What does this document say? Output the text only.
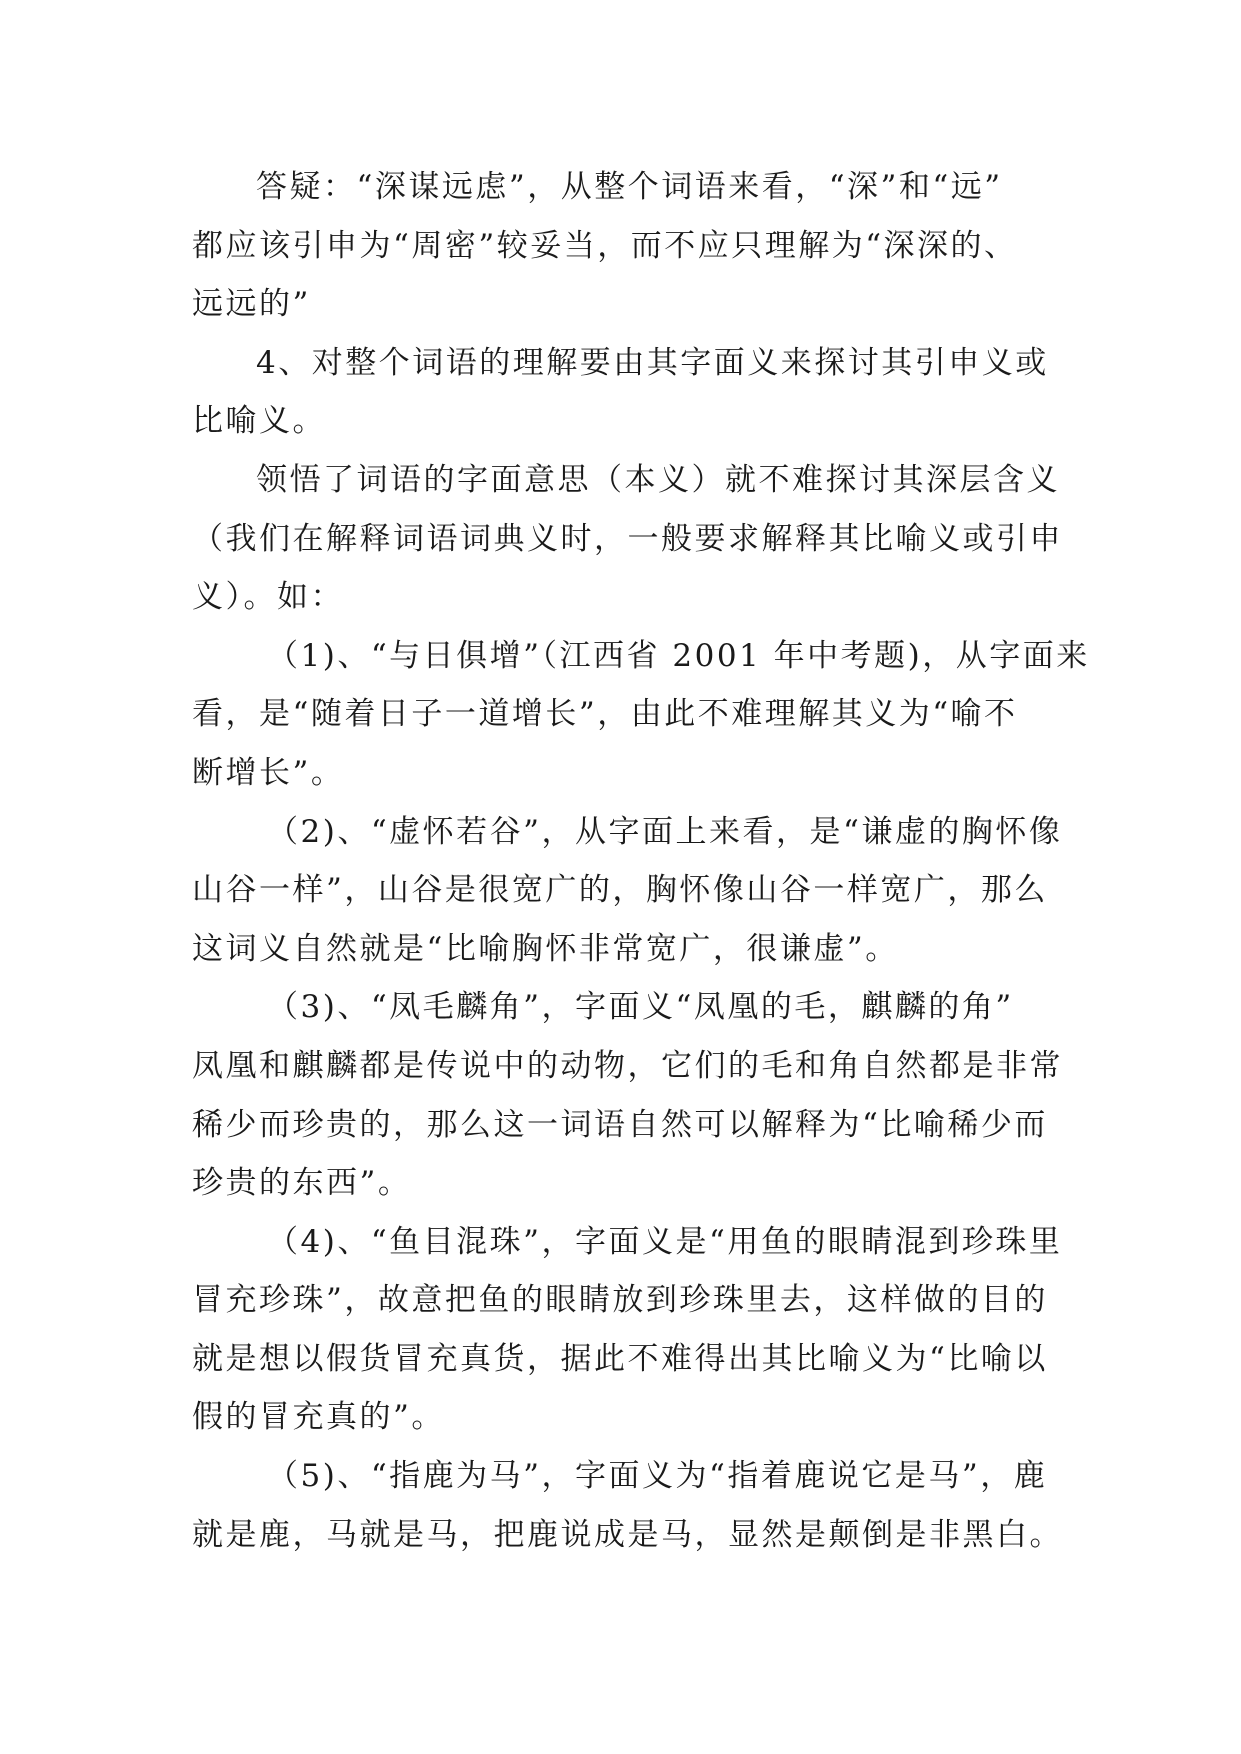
答疑：“深谋远虑”，从整个词语来看，“深”和“远”
都应该引申为“周密”较妥当，而不应只理解为“深深的、
远远的”
4、对整个词语的理解要由其字面义来探讨其引申义或
比喻义。
领悟了词语的字面意思（本义）就不难探讨其深层含义
（我们在解释词语词典义时，一般要求解释其比喻义或引申
义）。如：
（1)、“与日俱增”（江西省 2001 年中考题)，从字面来
看，是“随着日子一道增长”，由此不难理解其义为“喻不
断增长”。
（2)、“虚怀若谷”，从字面上来看，是“谦虚的胸怀像
山谷一样”，山谷是很宽广的，胸怀像山谷一样宽广，那么
这词义自然就是“比喻胸怀非常宽广，很谦虚”。
（3)、“凤毛麟角”，字面义“凤凰的毛，麒麟的角”
凤凰和麒麟都是传说中的动物，它们的毛和角自然都是非常
稀少而珍贵的，那么这一词语自然可以解释为“比喻稀少而
珍贵的东西”。
（4)、“鱼目混珠”，字面义是“用鱼的眼睛混到珍珠里
冒充珍珠”，故意把鱼的眼睛放到珍珠里去，这样做的目的
就是想以假货冒充真货，据此不难得出其比喻义为“比喻以
假的冒充真的”。
（5)、“指鹿为马”，字面义为“指着鹿说它是马”，鹿
就是鹿，马就是马，把鹿说成是马，显然是颠倒是非黑白。
